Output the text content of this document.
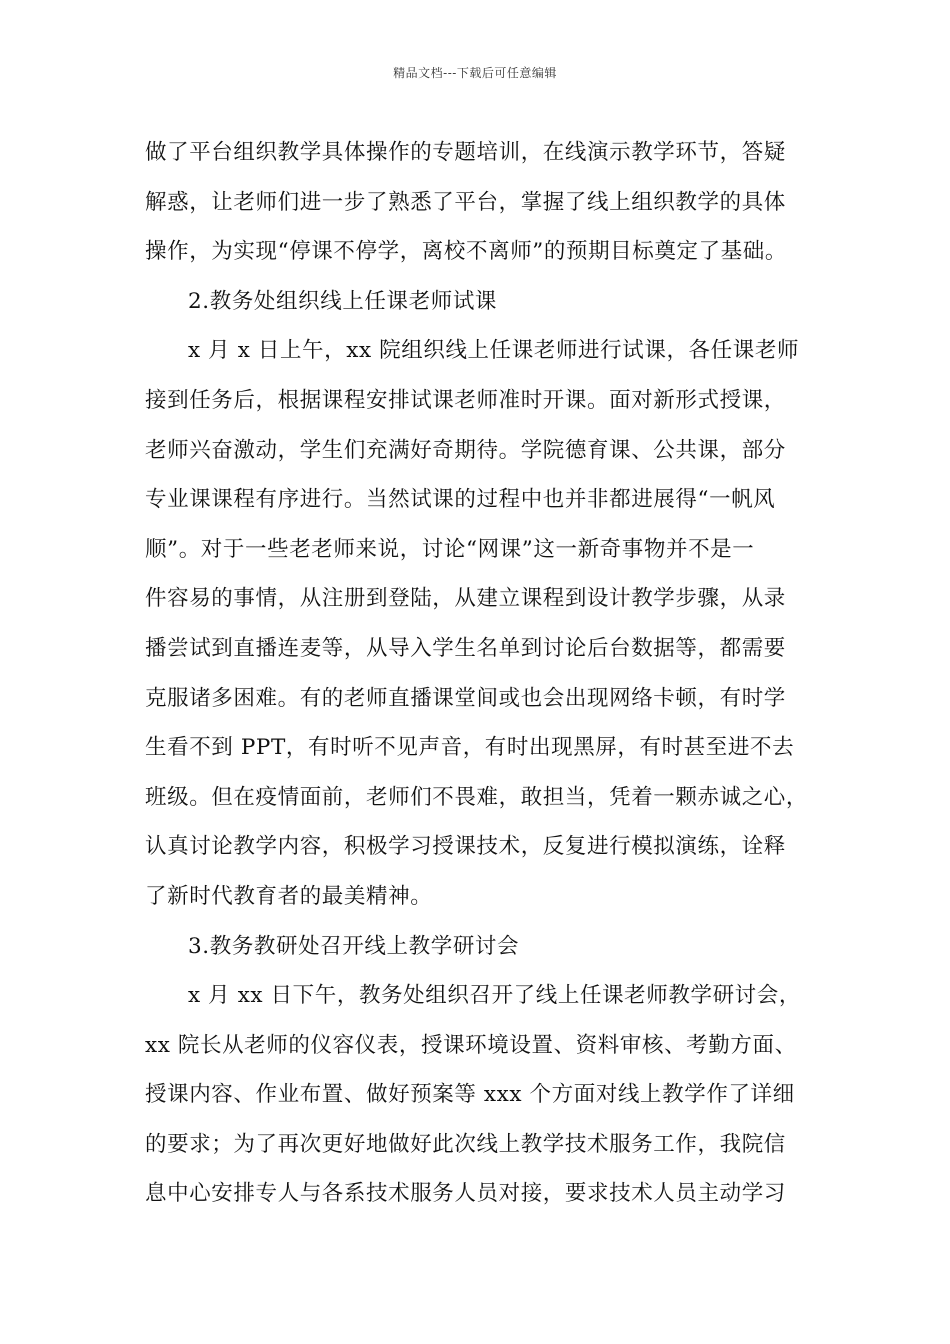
精品文档---下载后可任意编辑
做了平台组织教学具体操作的专题培训，在线演示教学环节，答疑
解惑，让老师们进一步了熟悉了平台，掌握了线上组织教学的具体
操作，为实现“停课不停学，离校不离师”的预期目标奠定了基础。
2.教务处组织线上任课老师试课
x 月 x 日上午，xx 院组织线上任课老师进行试课，各任课老师
接到任务后，根据课程安排试课老师准时开课。面对新形式授课，
老师兴奋激动，学生们充满好奇期待。学院德育课、公共课，部分
专业课课程有序进行。当然试课的过程中也并非都进展得“一帆风
顺”。对于一些老老师来说，讨论“网课”这一新奇事物并不是一
件容易的事情，从注册到登陆，从建立课程到设计教学步骤，从录
播尝试到直播连麦等，从导入学生名单到讨论后台数据等，都需要
克服诸多困难。有的老师直播课堂间或也会出现网络卡顿，有时学
生看不到 PPT，有时听不见声音，有时出现黑屏，有时甚至进不去
班级。但在疫情面前，老师们不畏难，敢担当，凭着一颗赤诚之心，
认真讨论教学内容，积极学习授课技术，反复进行模拟演练，诠释
了新时代教育者的最美精神。
3.教务教研处召开线上教学研讨会
x 月 xx 日下午，教务处组织召开了线上任课老师教学研讨会，
xx 院长从老师的仪容仪表，授课环境设置、资料审核、考勤方面、
授课内容、作业布置、做好预案等 xxx 个方面对线上教学作了详细
的要求；为了再次更好地做好此次线上教学技术服务工作，我院信
息中心安排专人与各系技术服务人员对接，要求技术人员主动学习
